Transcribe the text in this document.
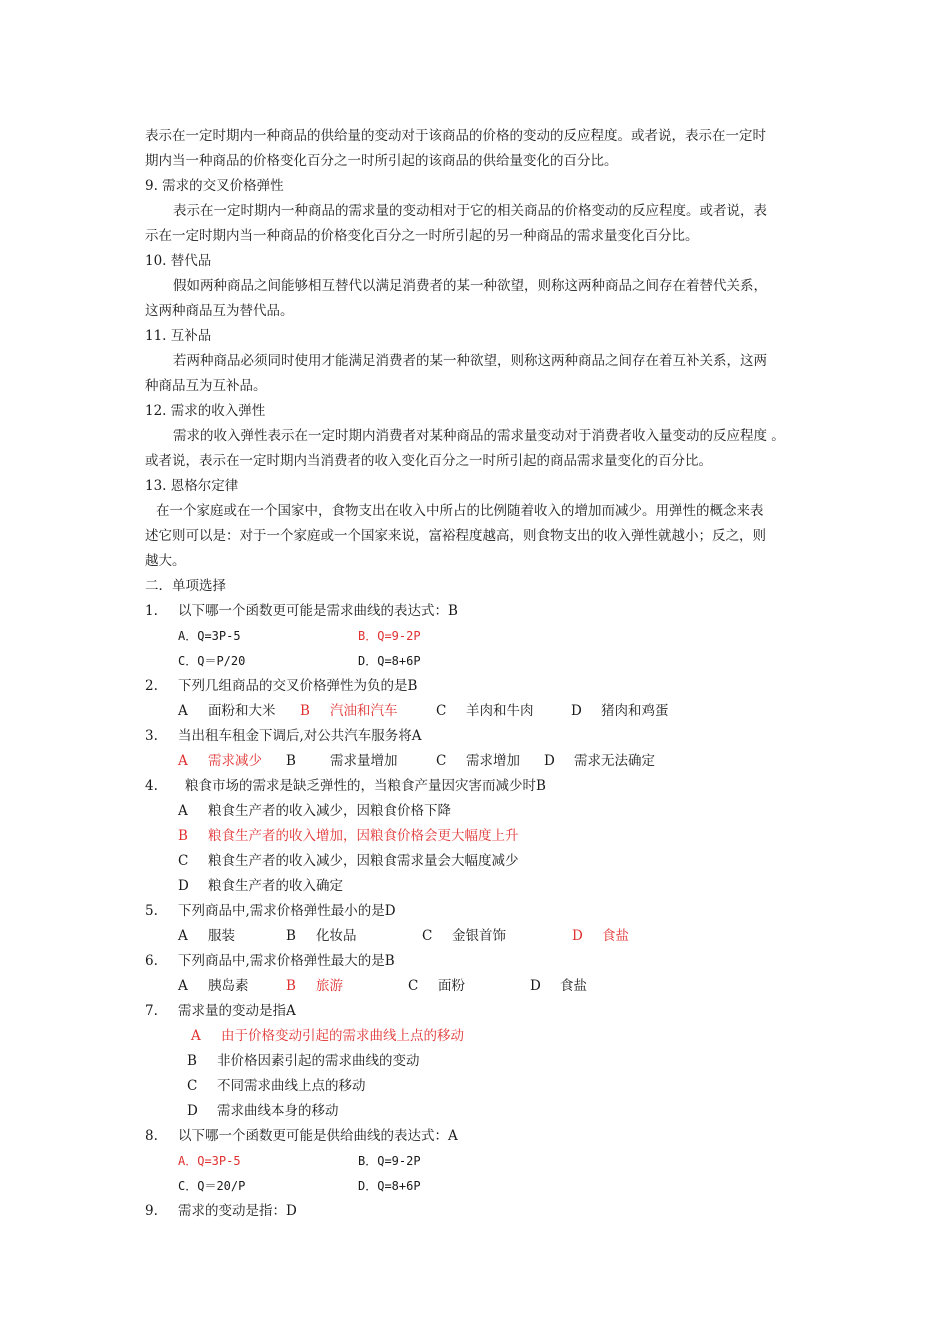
表示在一定时期内一种商品的供给量的变动对于该商品的价格的变动的反应程度。或者说，表示在一定时
期内当一种商品的价格变化百分之一时所引起的该商品的供给量变化的百分比。
9. 需求的交叉价格弹性
表示在一定时期内一种商品的需求量的变动相对于它的相关商品的价格变动的反应程度。或者说，表
示在一定时期内当一种商品的价格变化百分之一时所引起的另一种商品的需求量变化百分比。
10. 替代品
假如两种商品之间能够相互替代以满足消费者的某一种欲望，则称这两种商品之间存在着替代关系，
这两种商品互为替代品。
11. 互补品
若两种商品必须同时使用才能满足消费者的某一种欲望，则称这两种商品之间存在着互补关系，这两
种商品互为互补品。
12. 需求的收入弹性
需求的收入弹性表示在一定时期内消费者对某种商品的需求量变动对于消费者收入量变动的反应程度 。
或者说，表示在一定时期内当消费者的收入变化百分之一时所引起的商品需求量变化的百分比。
13. 恩格尔定律
在一个家庭或在一个国家中，食物支出在收入中所占的比例随着收入的增加而减少。用弹性的概念来表
述它则可以是：对于一个家庭或一个国家来说，富裕程度越高，则食物支出的收入弹性就越小；反之，则
越大。
二．单项选择
1. 以下哪一个函数更可能是需求曲线的表达式：B
A．Q=3P-5	B．Q=9-2P
C．Q＝P/20	D．Q=8+6P
2. 下列几组商品的交叉价格弹性为负的是B
A 面粉和大米 B 汽油和汽车	C 羊肉和牛肉	D 猪肉和鸡蛋
3. 当出租车租金下调后,对公共汽车服务将A
A 需求减少 B	需求量增加	C 需求增加 D 需求无法确定
4. 粮食市场的需求是缺乏弹性的，当粮食产量因灾害而减少时B
A 粮食生产者的收入减少，因粮食价格下降
B 粮食生产者的收入增加，因粮食价格会更大幅度上升
C 粮食生产者的收入减少，因粮食需求量会大幅度减少
D 粮食生产者的收入确定
5. 下列商品中,需求价格弹性最小的是D
A 服装	B 化妆品	C 金银首饰	D 食盐
6. 下列商品中,需求价格弹性最大的是B
A 胰岛素	B 旅游	C 面粉	D 食盐
7. 需求量的变动是指A
A 由于价格变动引起的需求曲线上点的移动
B 非价格因素引起的需求曲线的变动
C 不同需求曲线上点的移动
D 需求曲线本身的移动
8. 以下哪一个函数更可能是供给曲线的表达式：A
A．Q=3P-5	B．Q=9-2P
C．Q＝20/P	D．Q=8+6P
9. 需求的变动是指：D
